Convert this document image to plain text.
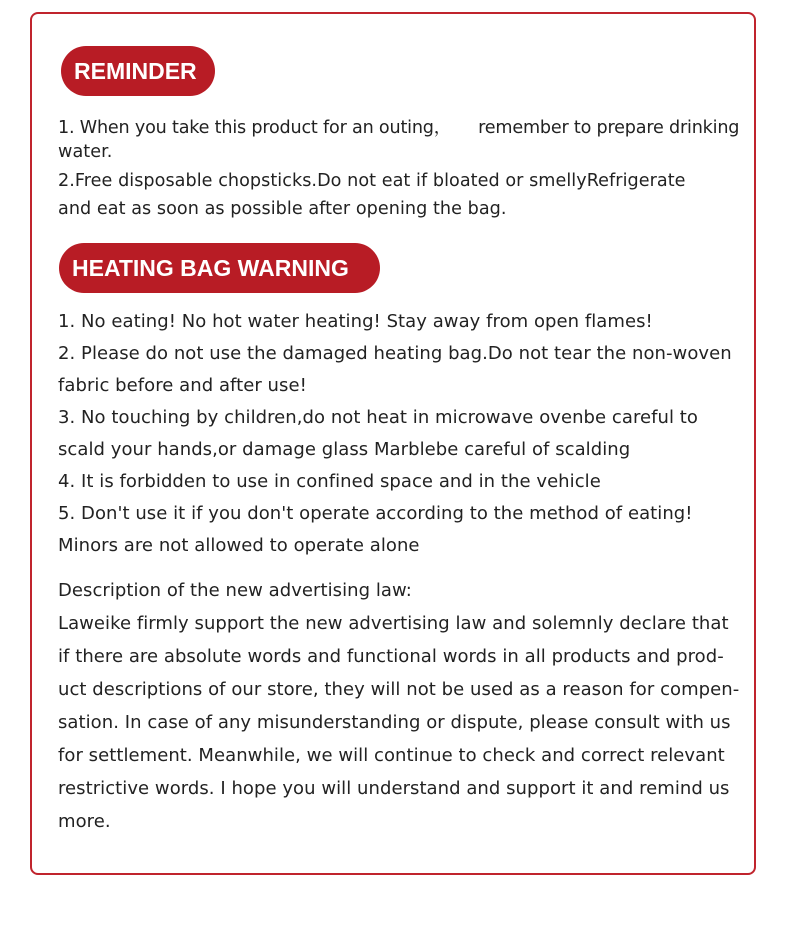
REMINDER
1. When you take this product for an outing，     remember to prepare drinking
water.
2.Free disposable chopsticks.Do not eat if bloated or smellyRefrigerate
and eat as soon as possible after opening the bag.
HEATING BAG WARNING
1. No eating! No hot water heating! Stay away from open flames!
2. Please do not use the damaged heating bag.Do not tear the non-woven
fabric before and after use!
3. No touching by children,do not heat in microwave ovenbe careful to
scald your hands,or damage glass Marblebe careful of scalding
4. It is forbidden to use in confined space and in the vehicle
5. Don't use it if you don't operate according to the method of eating!
Minors are not allowed to operate alone
Description of the new advertising law:
Laweike firmly support the new advertising law and solemnly declare that
if there are absolute words and functional words in all products and prod-
uct descriptions of our store, they will not be used as a reason for compen-
sation. In case of any misunderstanding or dispute, please consult with us
for settlement. Meanwhile, we will continue to check and correct relevant
restrictive words. I hope you will understand and support it and remind us
more.
